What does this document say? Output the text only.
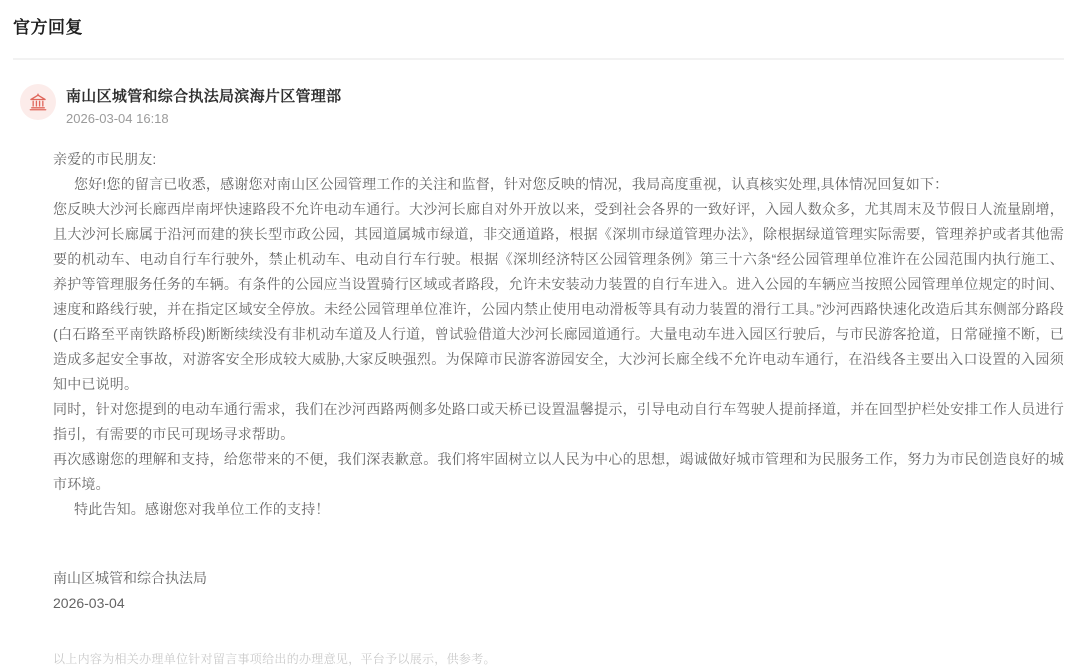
官方回复
南山区城管和综合执法局滨海片区管理部
2026-03-04 16:18

亲爱的市民朋友:

您好!您的留言已收悉，感谢您对南山区公园管理工作的关注和监督，针对您反映的情况，我局高度重视，认真核实处理,具体情况回复如下：

您反映大沙河长廊西岸南坪快速路段不允许电动车通行。大沙河长廊自对外开放以来，受到社会各界的一致好评，入园人数众多，尤其周末及节假日人流量剧增，且大沙河长廊属于沿河而建的狭长型市政公园，其园道属城市绿道，非交通道路，根据《深圳市绿道管理办法》，除根据绿道管理实际需要，管理养护或者其他需要的机动车、电动自行车行驶外，禁止机动车、电动自行车行驶。根据《深圳经济特区公园管理条例》第三十六条“经公园管理单位准许在公园范围内执行施工、养护等管理服务任务的车辆。有条件的公园应当设置骑行区域或者路段，允许未安装动力装置的自行车进入。进入公园的车辆应当按照公园管理单位规定的时间、速度和路线行驶，并在指定区域安全停放。未经公园管理单位准许，公园内禁止使用电动滑板等具有动力装置的滑行工具。”沙河西路快速化改造后其东侧部分路段(白石路至平南铁路桥段)断断续续没有非机动车道及人行道，曾试验借道大沙河长廊园道通行。大量电动车进入园区行驶后，与市民游客抢道，日常碰撞不断，已造成多起安全事故，对游客安全形成较大威胁,大家反映强烈。为保障市民游客游园安全，大沙河长廊全线不允许电动车通行，在沿线各主要出入口设置的入园须知中已说明。

同时，针对您提到的电动车通行需求，我们在沙河西路两侧多处路口或天桥已设置温馨提示，引导电动自行车驾驶人提前择道，并在回型护栏处安排工作人员进行指引，有需要的市民可现场寻求帮助。

再次感谢您的理解和支持，给您带来的不便，我们深表歉意。我们将牢固树立以人民为中心的思想，竭诚做好城市管理和为民服务工作，努力为市民创造良好的城市环境。

特此告知。感谢您对我单位工作的支持！

南山区城管和综合执法局
2026-03-04
以上内容为相关办理单位针对留言事项给出的办理意见，平台予以展示，供参考。
